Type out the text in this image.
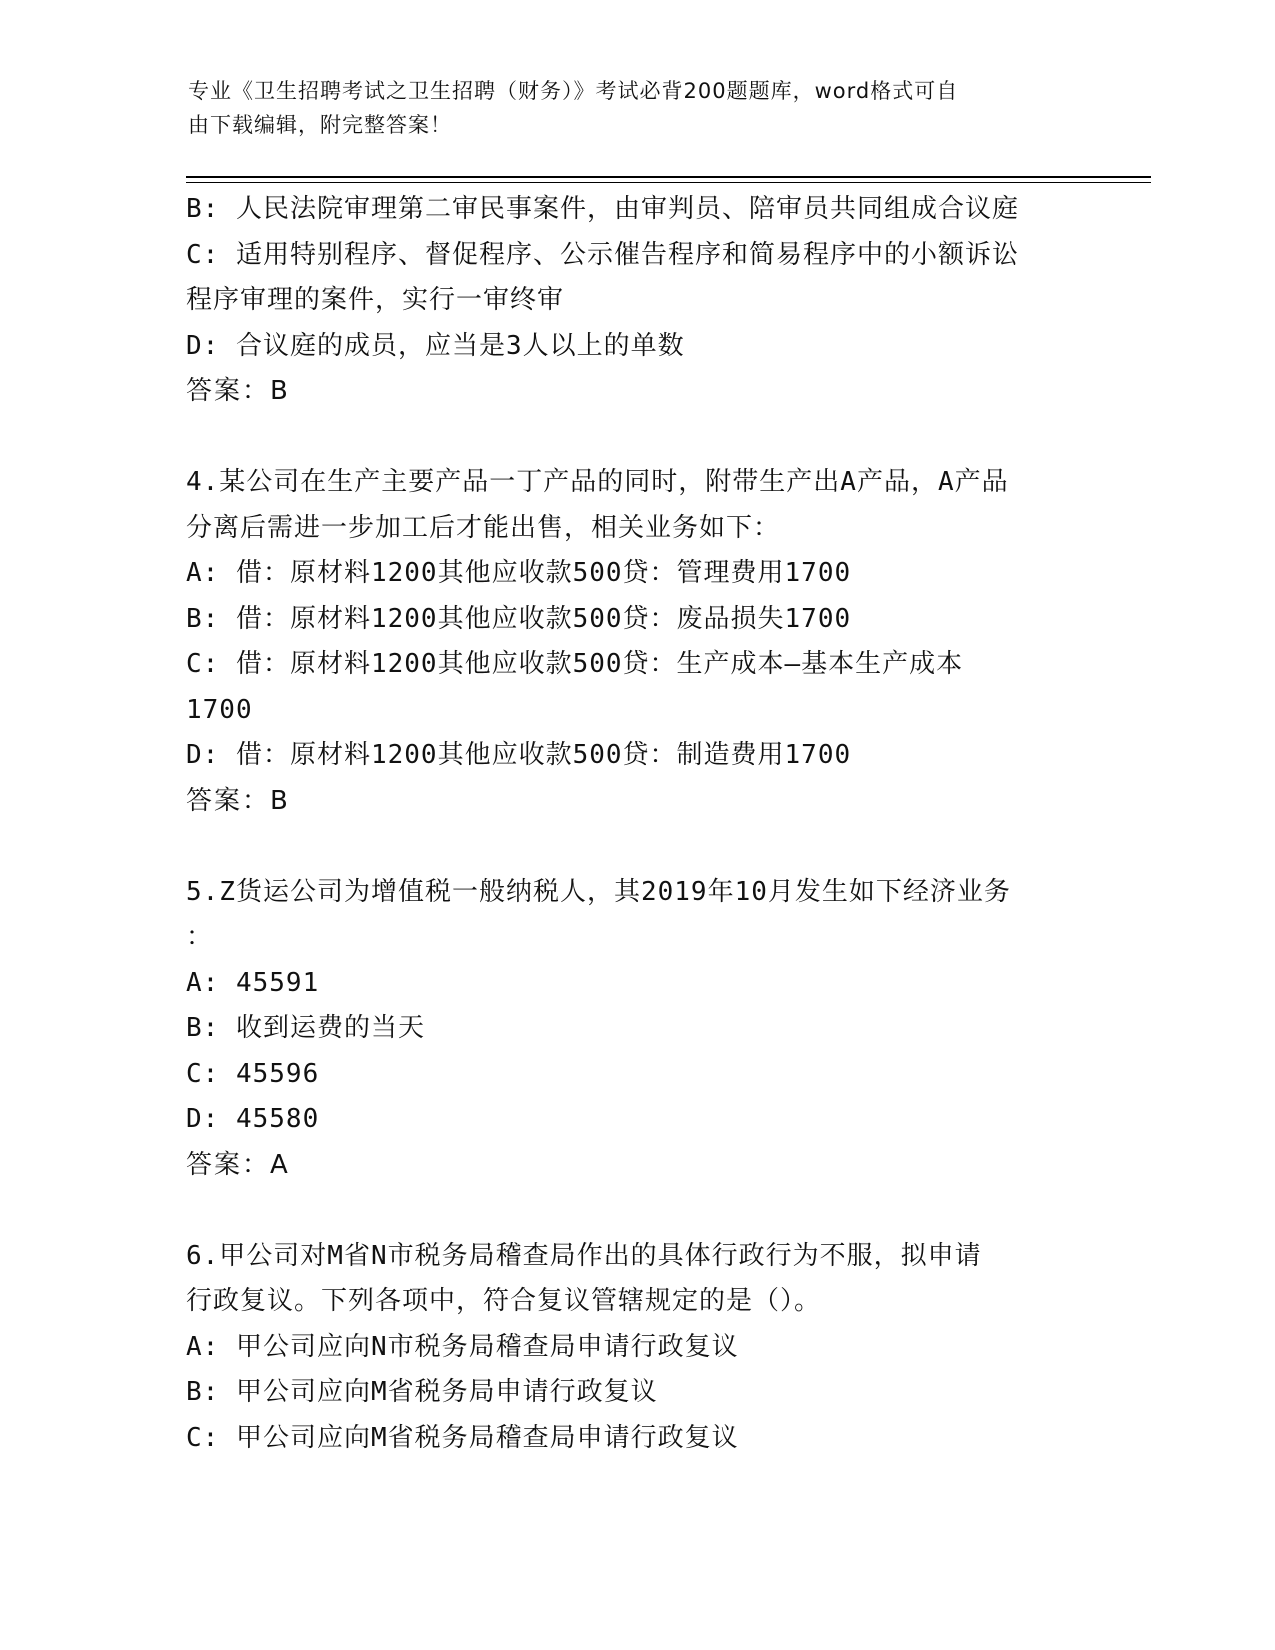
专业《卫生招聘考试之卫生招聘（财务）》考试必背200题题库，word格式可自
由下载编辑，附完整答案！
B: 人民法院审理第二审民事案件，由审判员、陪审员共同组成合议庭
C: 适用特别程序、督促程序、公示催告程序和简易程序中的小额诉讼
程序审理的案件，实行一审终审
D: 合议庭的成员，应当是3人以上的单数
答案：B
4.某公司在生产主要产品一丁产品的同时，附带生产出A产品，A产品
分离后需进一步加工后才能出售，相关业务如下：
A: 借：原材料1200其他应收款500贷：管理费用1700
B: 借：原材料1200其他应收款500贷：废品损失1700
C: 借：原材料1200其他应收款500贷：生产成本—基本生产成本
1700
D: 借：原材料1200其他应收款500贷：制造费用1700
答案：B
5.Z货运公司为增值税一般纳税人，其2019年10月发生如下经济业务
：
A: 45591
B: 收到运费的当天
C: 45596
D: 45580
答案：A
6.甲公司对M省N市税务局稽查局作出的具体行政行为不服，拟申请
行政复议。下列各项中，符合复议管辖规定的是（）。
A: 甲公司应向N市税务局稽查局申请行政复议
B: 甲公司应向M省税务局申请行政复议
C: 甲公司应向M省税务局稽查局申请行政复议
